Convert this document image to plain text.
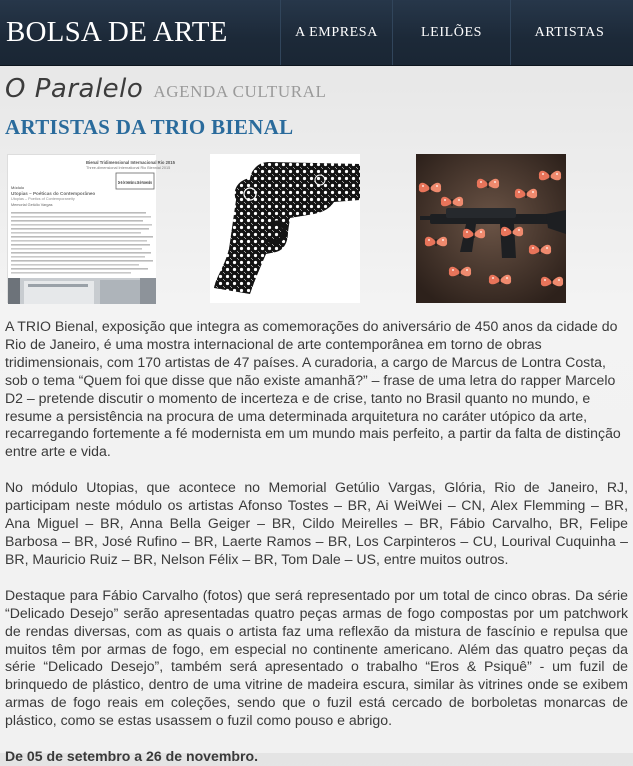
BOLSA DE ARTE	A EMPRESA	LEILÕES	ARTISTAS
O Paralelo AGENDA CULTURAL
ARTISTAS DA TRIO BIENAL
Bienal Tridimensional Internacional Rio 2015
Three-dimensional International Rio Biennial 2015
De 5 de Setembro a 26 de Novembro
Módulo
Utopias – Poéticas do Contemporâneo
Utopias – Poetics of Contemporaneity
Memorial Getúlio Vargas

A TRIO Bienal, exposição que integra as comemorações do aniversário de 450 anos da cidade do Rio de Janeiro, é uma mostra internacional de arte contemporânea em torno de obras tridimensionais, com 170 artistas de 47 países. A curadoria, a cargo de Marcus de Lontra Costa, sob o tema “Quem foi que disse que não existe amanhã?” – frase de uma letra do rapper Marcelo D2 – pretende discutir o momento de incerteza e de crise, tanto no Brasil quanto no mundo, e resume a persistência na procura de uma determinada arquitetura no caráter utópico da arte, recarregando fortemente a fé modernista em um mundo mais perfeito, a partir da falta de distinção entre arte e vida.

No módulo Utopias, que acontece no Memorial Getúlio Vargas, Glória, Rio de Janeiro, RJ, participam neste módulo os artistas Afonso Tostes – BR, Ai WeiWei – CN, Alex Flemming – BR, Ana Miguel – BR, Anna Bella Geiger – BR, Cildo Meirelles – BR, Fábio Carvalho, BR, Felipe Barbosa – BR, José Rufino – BR, Laerte Ramos – BR, Los Carpinteros – CU, Lourival Cuquinha – BR, Mauricio Ruiz – BR, Nelson Félix – BR, Tom Dale – US, entre muitos outros.

Destaque para Fábio Carvalho (fotos) que será representado por um total de cinco obras. Da série “Delicado Desejo” serão apresentadas quatro peças armas de fogo compostas por um patchwork de rendas diversas, com as quais o artista faz uma reflexão da mistura de fascínio e repulsa que muitos têm por armas de fogo, em especial no continente americano. Além das quatro peças da série “Delicado Desejo”, também será apresentado o trabalho “Eros & Psiquê” - um fuzil de brinquedo de plástico, dentro de uma vitrine de madeira escura, similar às vitrines onde se exibem armas de fogo reais em coleções, sendo que o fuzil está cercado de borboletas monarcas de plástico, como se estas usassem o fuzil como pouso e abrigo.

De 05 de setembro a 26 de novembro.
